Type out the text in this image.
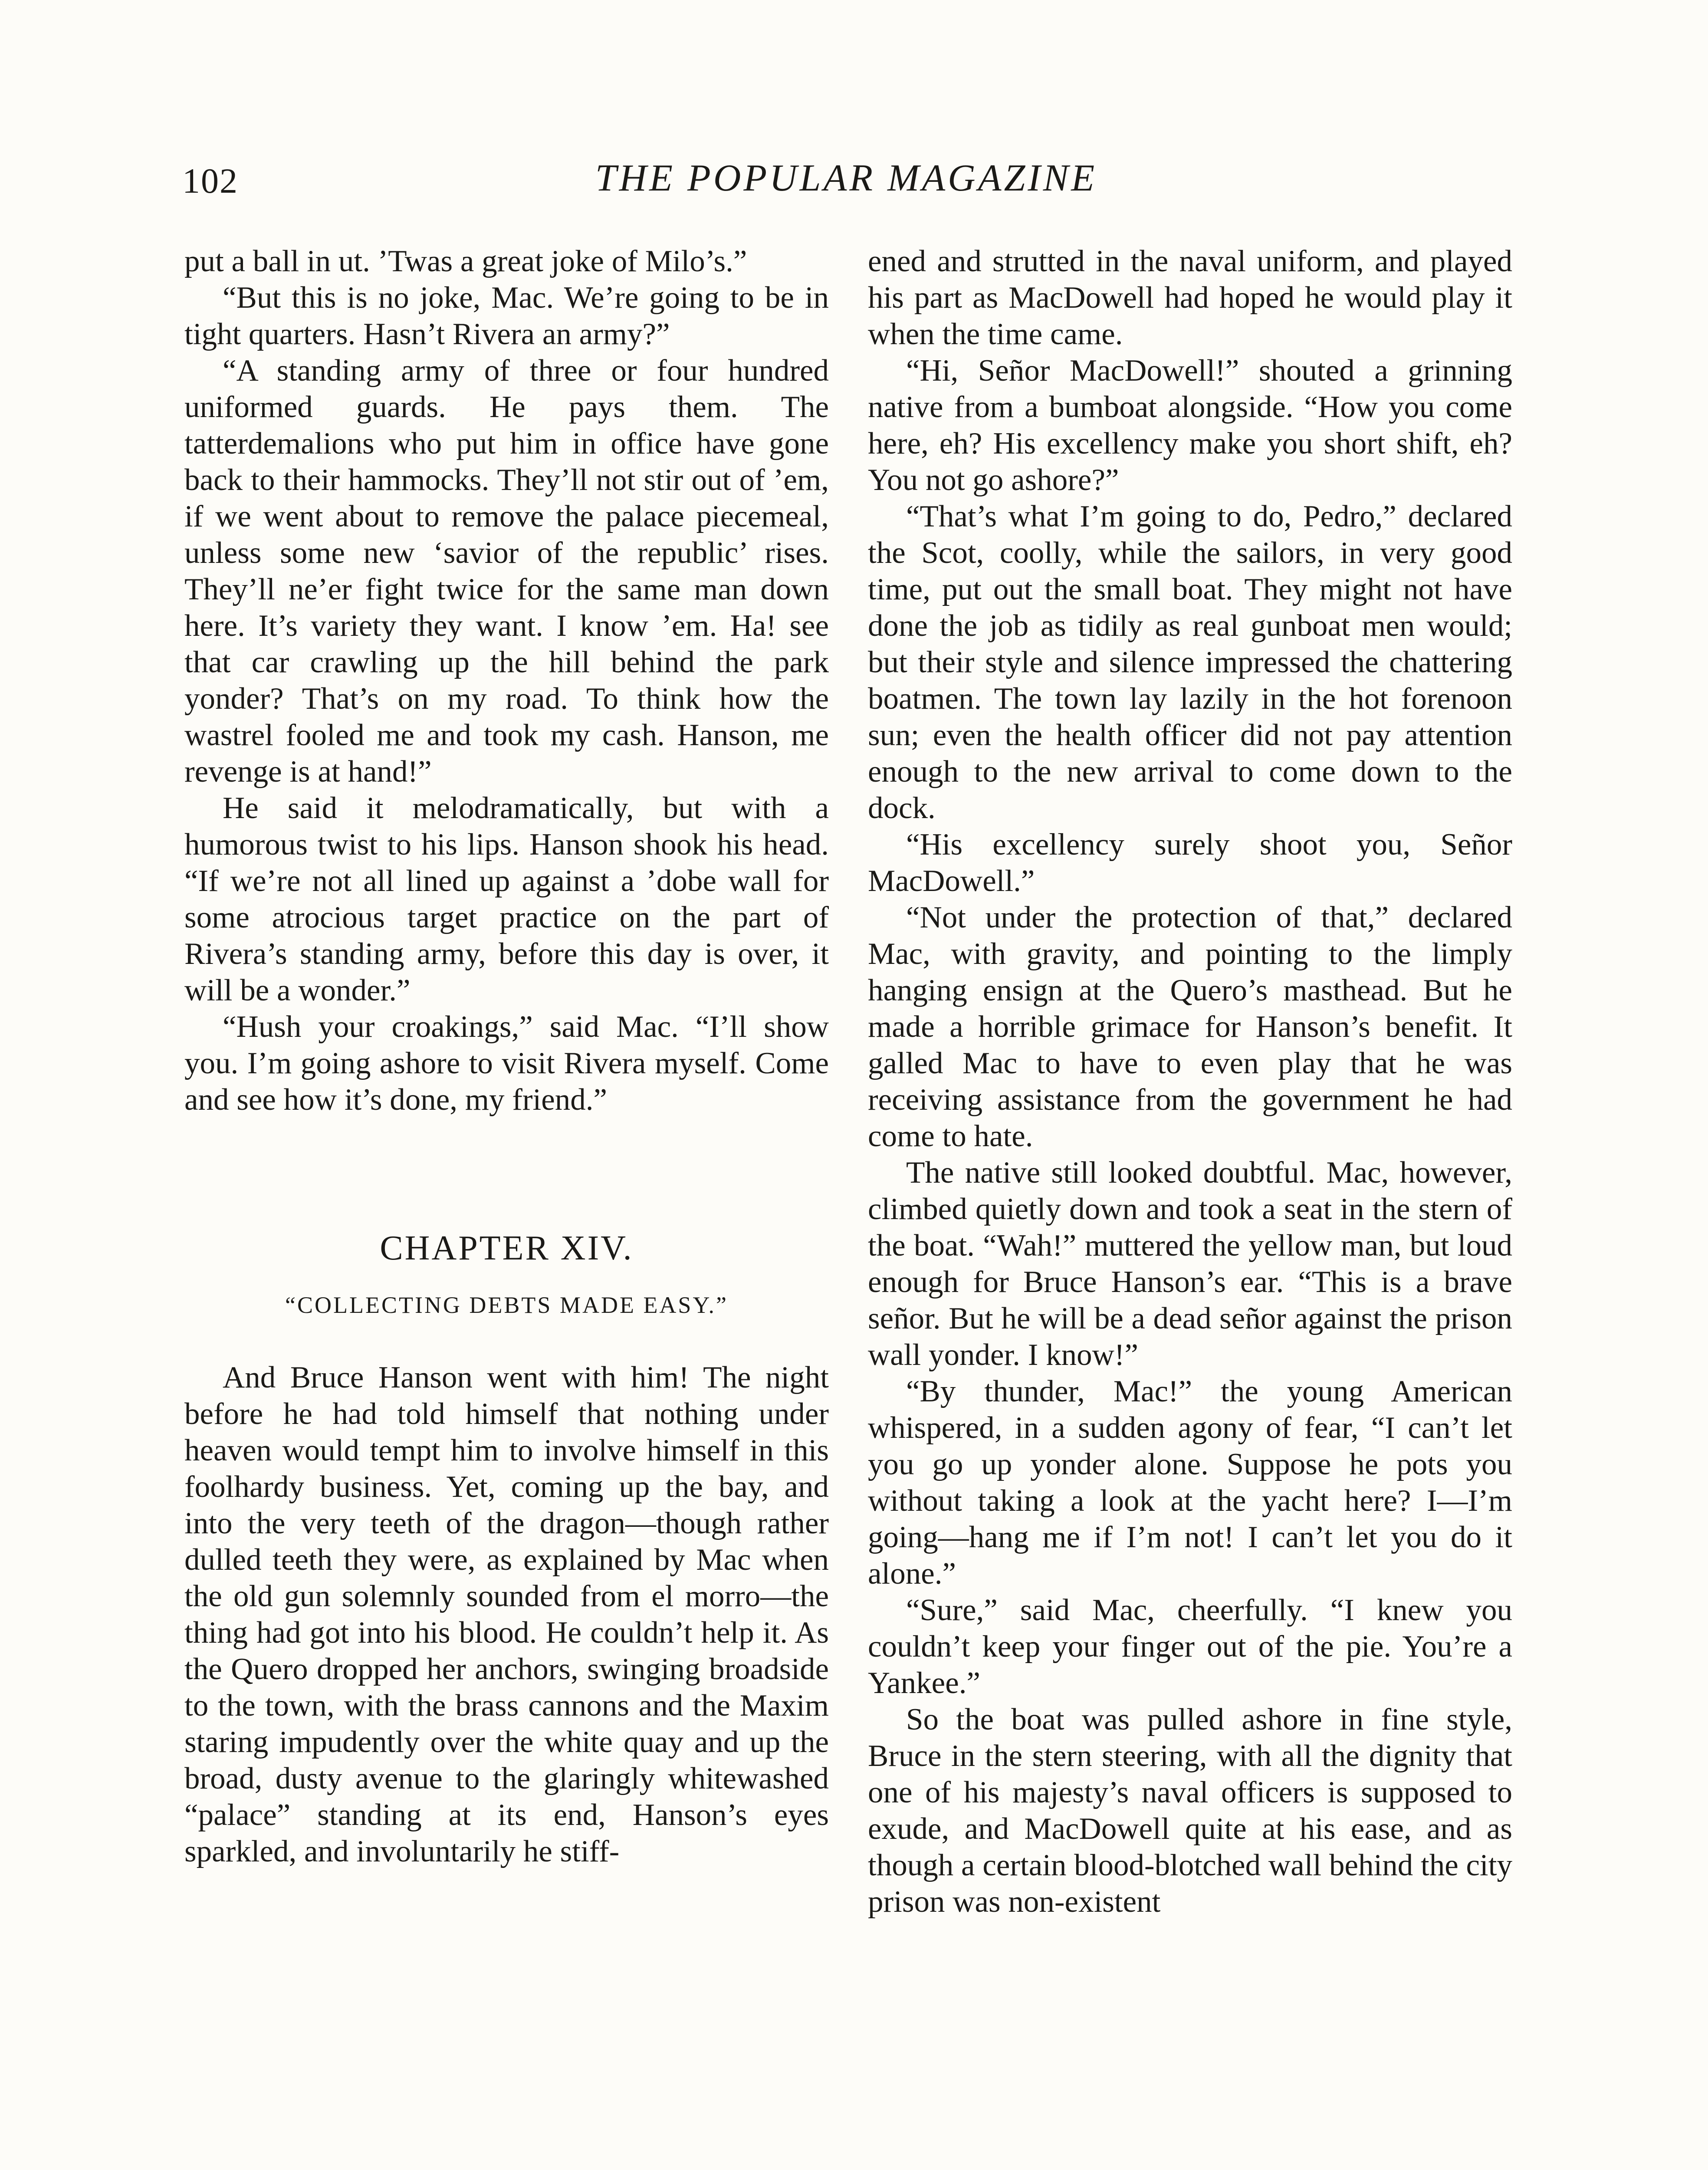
102	THE POPULAR MAGAZINE

put a ball in ut. ’Twas a great joke of Milo’s.”

“But this is no joke, Mac. We’re going to be in tight quarters. Hasn’t Rivera an army?”

“A standing army of three or four hundred uniformed guards. He pays them. The tatterdemalions who put him in office have gone back to their hammocks. They’ll not stir out of ’em, if we went about to remove the palace piecemeal, unless some new ‘savior of the republic’ rises. They’ll ne’er fight twice for the same man down here. It’s variety they want. I know ’em. Ha! see that car crawling up the hill behind the park yonder? That’s on my road. To think how the wastrel fooled me and took my cash. Hanson, me revenge is at hand!”

He said it melodramatically, but with a humorous twist to his lips. Hanson shook his head. “If we’re not all lined up against a ’dobe wall for some atrocious target practice on the part of Rivera’s standing army, before this day is over, it will be a wonder.”

“Hush your croakings,” said Mac. “I’ll show you. I’m going ashore to visit Rivera myself. Come and see how it’s done, my friend.”

CHAPTER XIV.
“COLLECTING DEBTS MADE EASY.”

And Bruce Hanson went with him! The night before he had told himself that nothing under heaven would tempt him to involve himself in this foolhardy business. Yet, coming up the bay, and into the very teeth of the dragon—though rather dulled teeth they were, as explained by Mac when the old gun solemnly sounded from el morro—the thing had got into his blood. He couldn’t help it. As the Quero dropped her anchors, swinging broadside to the town, with the brass cannons and the Maxim staring impudently over the white quay and up the broad, dusty avenue to the glaringly whitewashed “palace” standing at its end, Hanson’s eyes sparkled, and involuntarily he stiff-

ened and strutted in the naval uniform, and played his part as MacDowell had hoped he would play it when the time came.

“Hi, Señor MacDowell!” shouted a grinning native from a bumboat alongside. “How you come here, eh? His excellency make you short shift, eh? You not go ashore?”

“That’s what I’m going to do, Pedro,” declared the Scot, coolly, while the sailors, in very good time, put out the small boat. They might not have done the job as tidily as real gunboat men would; but their style and silence impressed the chattering boatmen. The town lay lazily in the hot forenoon sun; even the health officer did not pay attention enough to the new arrival to come down to the dock.

“His excellency surely shoot you, Señor MacDowell.”

“Not under the protection of that,” declared Mac, with gravity, and pointing to the limply hanging ensign at the Quero’s masthead. But he made a horrible grimace for Hanson’s benefit. It galled Mac to have to even play that he was receiving assistance from the government he had come to hate.

The native still looked doubtful. Mac, however, climbed quietly down and took a seat in the stern of the boat. “Wah!” muttered the yellow man, but loud enough for Bruce Hanson’s ear. “This is a brave señor. But he will be a dead señor against the prison wall yonder. I know!”

“By thunder, Mac!” the young American whispered, in a sudden agony of fear, “I can’t let you go up yonder alone. Suppose he pots you without taking a look at the yacht here? I—I’m going—hang me if I’m not! I can’t let you do it alone.”

“Sure,” said Mac, cheerfully. “I knew you couldn’t keep your finger out of the pie. You’re a Yankee.”

So the boat was pulled ashore in fine style, Bruce in the stern steering, with all the dignity that one of his majesty’s naval officers is supposed to exude, and MacDowell quite at his ease, and as though a certain blood-blotched wall behind the city prison was non-existent
